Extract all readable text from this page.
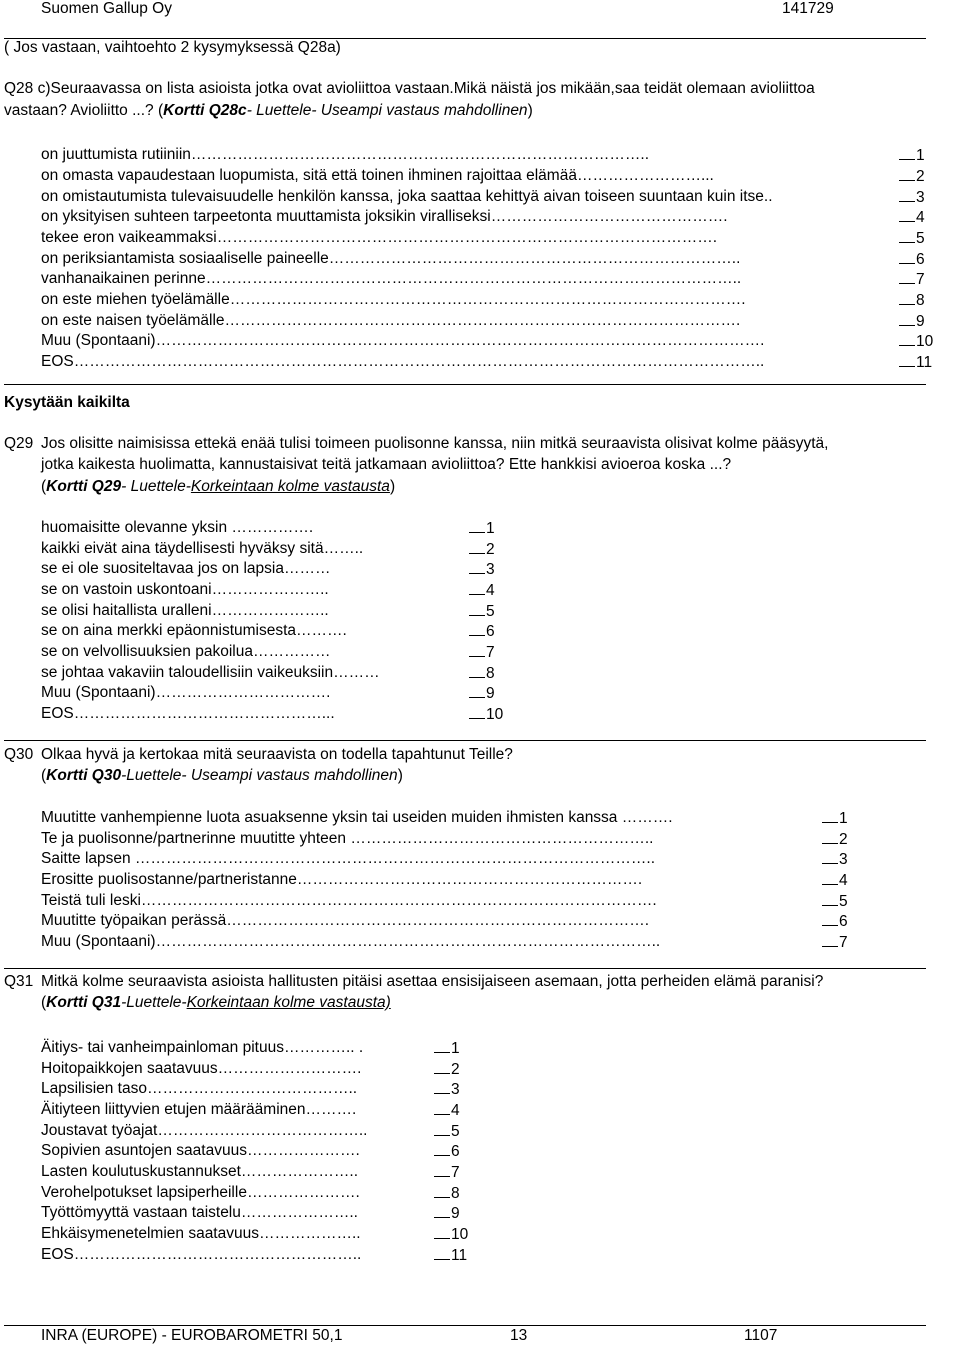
Suomen Gallup Oy	141729
( Jos vastaan, vaihtoehto 2 kysymyksessä Q28a)
Q28 c)Seuraavassa on lista asioista jotka ovat avioliittoa vastaan.Mikä näistä jos mikään,saa teidät olemaan avioliittoa
vastaan? Avioliitto ...? (Kortti Q28c- Luettele- Useampi vastaus mahdollinen)
on juuttumista rutiiniin……………………………………………………………………………..	1
on omasta vapaudestaan luopumista, sitä että toinen ihminen rajoittaa elämää……………………...	2
on omistautumista tulevaisuudelle henkilön kanssa, joka saattaa kehittyä aivan toiseen suuntaan kuin itse..	3
on yksityisen suhteen tarpeetonta muuttamista joksikin viralliseksi……………………………………….	4
tekee eron vaikeammaksi…………………………………………………………………………………….	5
on periksiantamista sosiaaliselle paineelle……………………………………………………………………..	6
vanhanaikainen perinne…………………………………………………………………………………………..	7
on este miehen työelämälle……………………………………………………………………………………….	8
on este naisen työelämälle……………………………………………………………………………………….	9
Muu (Spontaani)……………………………………………………………………………………………………….	10
EOS……………………………………………………………………………………………………………………..	11
Kysytään kaikilta
Q29 Jos olisitte naimisissa ettekä enää tulisi toimeen puolisonne kanssa, niin mitkä seuraavista olisivat kolme pääsyytä,
jotka kaikesta huolimatta, kannustaisivat teitä jatkamaan avioliittoa? Ette hankkisi avioeroa koska ...?
(Kortti Q29- Luettele-Korkeintaan kolme vastausta)
huomaisitte olevanne yksin …………….	1
kaikki eivät aina täydellisesti hyväksy sitä……..	2
se ei ole suositeltavaa jos on lapsia………	3
se on vastoin uskontoani…………………..	4
se olisi haitallista uralleni…………………..	5
se on aina merkki epäonnistumisesta……….	6
se on velvollisuuksien pakoilua……………	7
se johtaa vakaviin taloudellisiin vaikeuksiin………	8
Muu (Spontaani)…………………………….	9
EOS…………………………………………...	10
Q30 Olkaa hyvä ja kertokaa mitä seuraavista on todella tapahtunut Teille?
(Kortti Q30-Luettele- Useampi vastaus mahdollinen)
Muutitte vanhempienne luota asuaksenne yksin tai useiden muiden ihmisten kanssa ……….	1
Te ja puolisonne/partnerinne muutitte yhteen …………………………………………………..	2
Saitte lapsen ………………………………………………………………………………………..	3
Erositte puolisostanne/partneristanne………………………………………………………….	4
Teistä tuli leski……………………………………………………………………………………….	5
Muutitte työpaikan perässä……………………………………………………………………….	6
Muu (Spontaani)……………………………………………………………………………………..	7
Q31 Mitkä kolme seuraavista asioista hallitusten pitäisi asettaa ensisijaiseen asemaan, jotta perheiden elämä paranisi?
(Kortti Q31-Luettele-Korkeintaan kolme vastausta)
Äitiys- tai vanheimpainloman pituus………….. .	1
Hoitopaikkojen saatavuus……………………….	2
Lapsilisien taso…………………………………..	3
Äitiyteen liittyvien etujen määrääminen……….	4
Joustavat työajat…………………………………..	5
Sopivien asuntojen saatavuus………………….	6
Lasten koulutuskustannukset…………………..	7
Verohelpotukset lapsiperheille………………….	8
Työttömyyttä vastaan taistelu…………………..	9
Ehkäisymenetelmien saatavuus………………..	10
EOS………………………………………………..	11
INRA (EUROPE) - EUROBAROMETRI 50,1	13	1107
